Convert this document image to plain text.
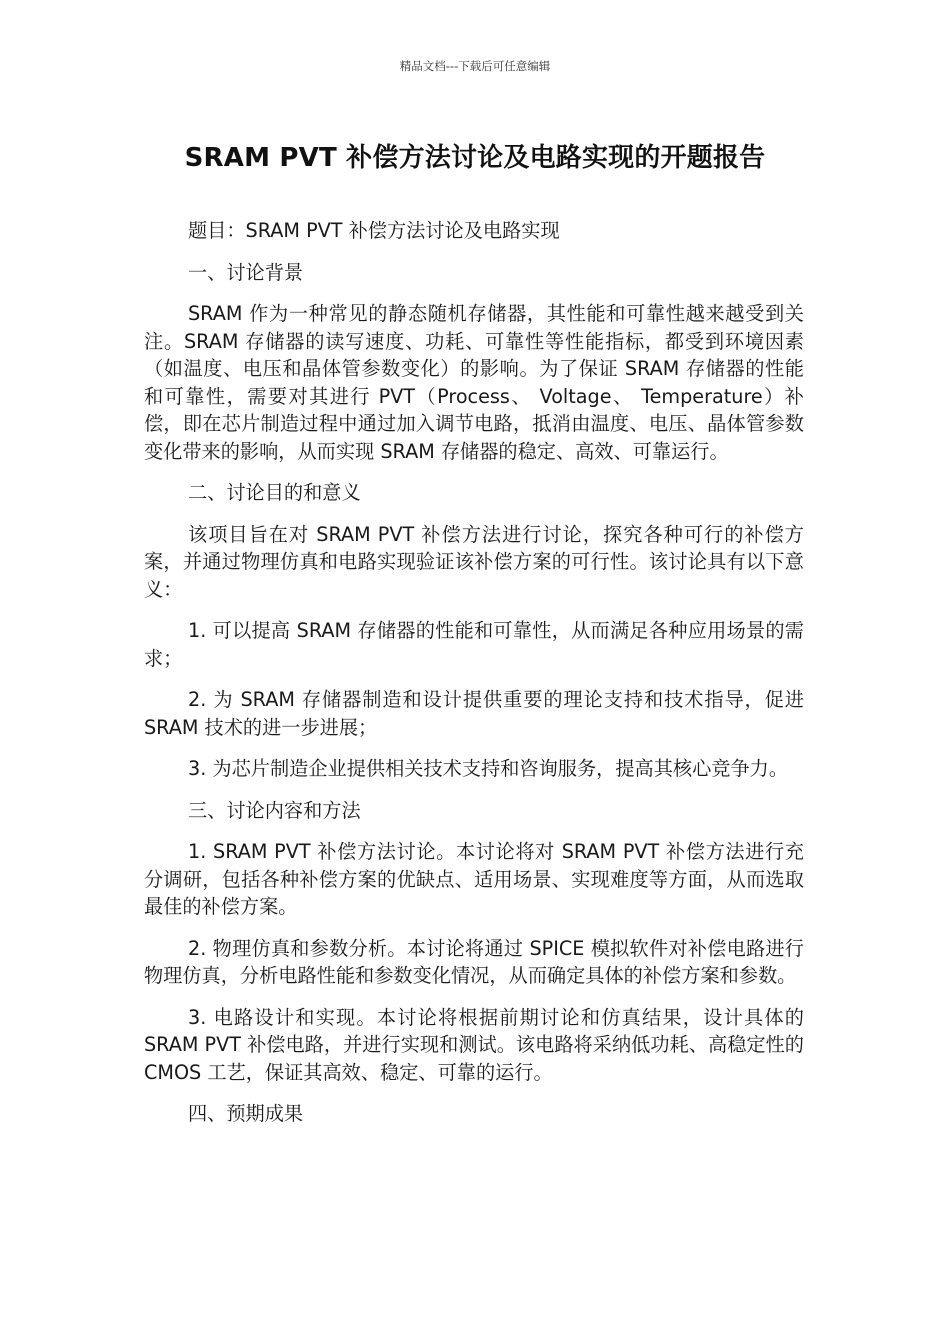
精品文档---下载后可任意编辑
SRAM PVT 补偿方法讨论及电路实现的开题报告

题目：SRAM PVT 补偿方法讨论及电路实现

一、讨论背景

SRAM 作为一种常见的静态随机存储器，其性能和可靠性越来越受到关注。SRAM 存储器的读写速度、功耗、可靠性等性能指标，都受到环境因素（如温度、电压和晶体管参数变化）的影响。为了保证 SRAM 存储器的性能和可靠性，需要对其进行 PVT（Process、 Voltage、 Temperature）补偿，即在芯片制造过程中通过加入调节电路，抵消由温度、电压、晶体管参数变化带来的影响，从而实现 SRAM 存储器的稳定、高效、可靠运行。

二、讨论目的和意义

该项目旨在对 SRAM PVT 补偿方法进行讨论，探究各种可行的补偿方案，并通过物理仿真和电路实现验证该补偿方案的可行性。该讨论具有以下意义：

1. 可以提高 SRAM 存储器的性能和可靠性，从而满足各种应用场景的需求；

2. 为 SRAM 存储器制造和设计提供重要的理论支持和技术指导，促进 SRAM 技术的进一步进展；

3. 为芯片制造企业提供相关技术支持和咨询服务，提高其核心竞争力。

三、讨论内容和方法

1. SRAM PVT 补偿方法讨论。本讨论将对 SRAM PVT 补偿方法进行充分调研，包括各种补偿方案的优缺点、适用场景、实现难度等方面，从而选取最佳的补偿方案。

2. 物理仿真和参数分析。本讨论将通过 SPICE 模拟软件对补偿电路进行物理仿真，分析电路性能和参数变化情况，从而确定具体的补偿方案和参数。

3. 电路设计和实现。本讨论将根据前期讨论和仿真结果，设计具体的 SRAM PVT 补偿电路，并进行实现和测试。该电路将采纳低功耗、高稳定性的 CMOS 工艺，保证其高效、稳定、可靠的运行。

四、预期成果
